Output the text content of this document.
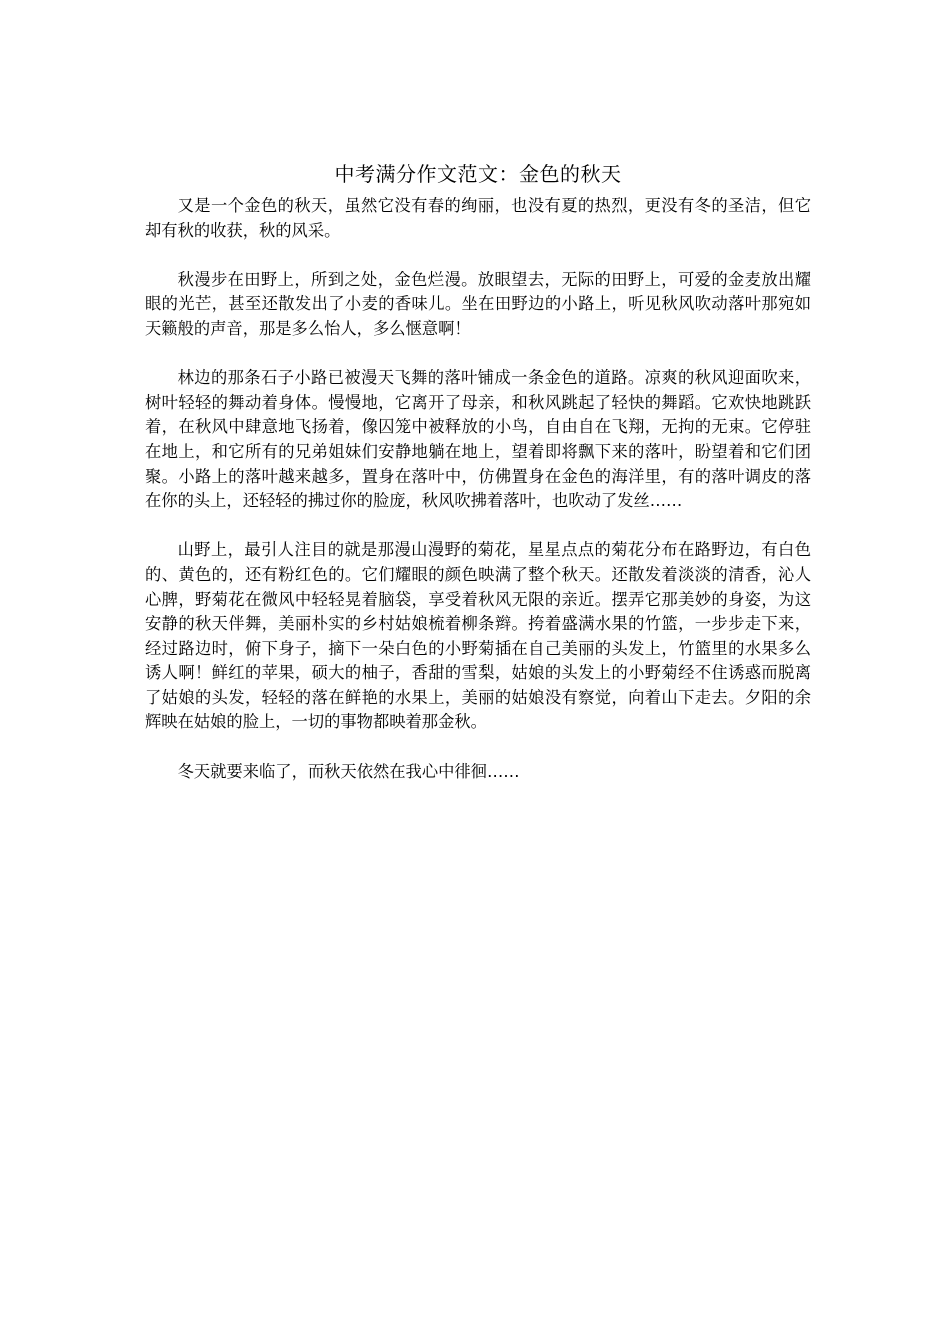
中考满分作文范文：金色的秋天

又是一个金色的秋天，虽然它没有春的绚丽，也没有夏的热烈，更没有冬的圣洁，但它却有秋的收获，秋的风采。

秋漫步在田野上，所到之处，金色烂漫。放眼望去，无际的田野上，可爱的金麦放出耀眼的光芒，甚至还散发出了小麦的香味儿。坐在田野边的小路上，听见秋风吹动落叶那宛如天籁般的声音，那是多么怡人，多么惬意啊！

林边的那条石子小路已被漫天飞舞的落叶铺成一条金色的道路。凉爽的秋风迎面吹来，树叶轻轻的舞动着身体。慢慢地，它离开了母亲，和秋风跳起了轻快的舞蹈。它欢快地跳跃着，在秋风中肆意地飞扬着，像囚笼中被释放的小鸟，自由自在飞翔，无拘的无束。它停驻在地上，和它所有的兄弟姐妹们安静地躺在地上，望着即将飘下来的落叶，盼望着和它们团聚。小路上的落叶越来越多，置身在落叶中，仿佛置身在金色的海洋里，有的落叶调皮的落在你的头上，还轻轻的拂过你的脸庞，秋风吹拂着落叶，也吹动了发丝……

山野上，最引人注目的就是那漫山漫野的菊花，星星点点的菊花分布在路野边，有白色的、黄色的，还有粉红色的。它们耀眼的颜色映满了整个秋天。还散发着淡淡的清香，沁人心脾，野菊花在微风中轻轻晃着脑袋，享受着秋风无限的亲近。摆弄它那美妙的身姿，为这安静的秋天伴舞，美丽朴实的乡村姑娘梳着柳条辫。挎着盛满水果的竹篮，一步步走下来，经过路边时，俯下身子，摘下一朵白色的小野菊插在自己美丽的头发上，竹篮里的水果多么诱人啊！鲜红的苹果，硕大的柚子，香甜的雪梨，姑娘的头发上的小野菊经不住诱惑而脱离了姑娘的头发，轻轻的落在鲜艳的水果上，美丽的姑娘没有察觉，向着山下走去。夕阳的余辉映在姑娘的脸上，一切的事物都映着那金秋。

冬天就要来临了，而秋天依然在我心中徘徊……
